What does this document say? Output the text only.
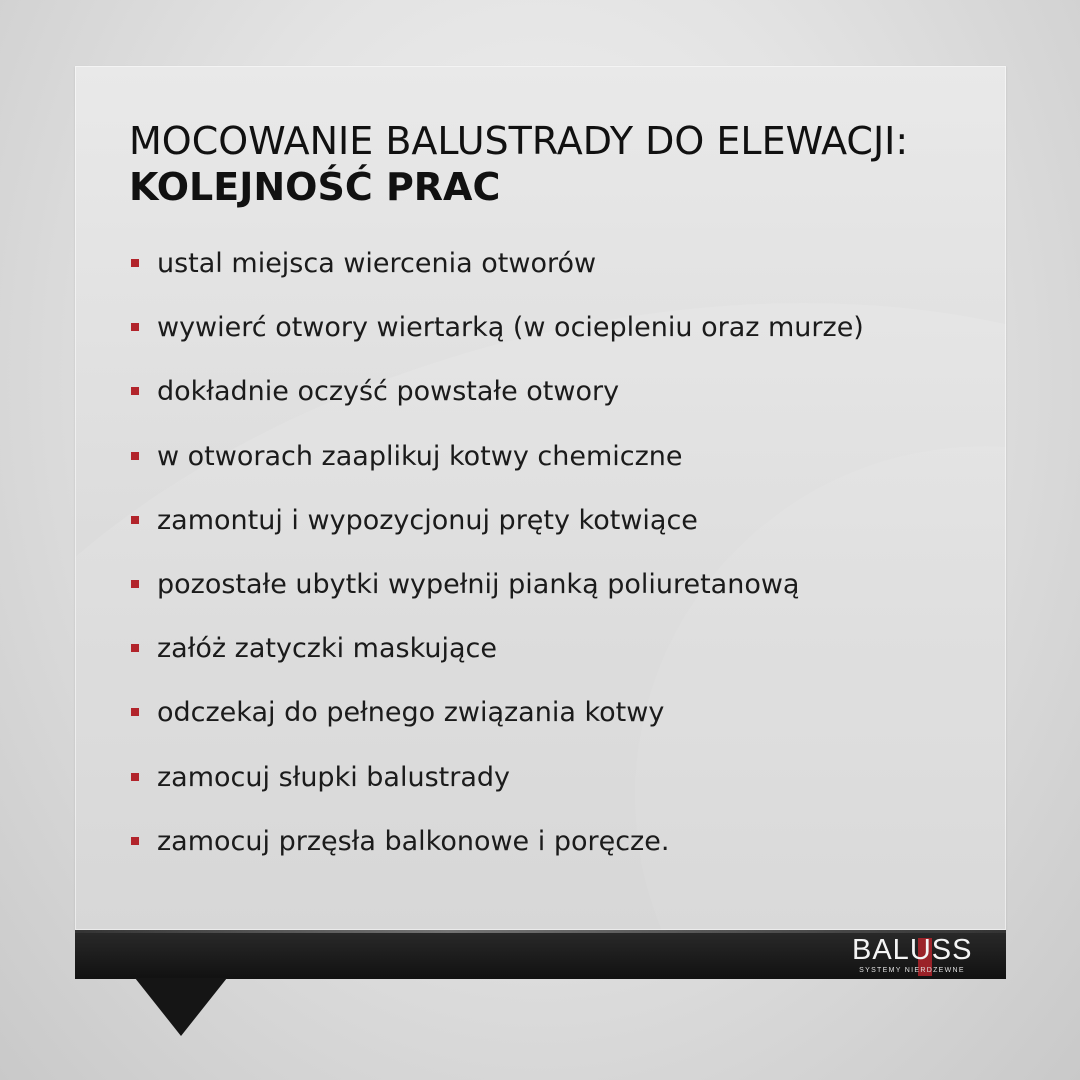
MOCOWANIE BALUSTRADY DO ELEWACJI:
KOLEJNOŚĆ PRAC
ustal miejsca wiercenia otworów
wywierć otwory wiertarką (w ociepleniu oraz murze)
dokładnie oczyść powstałe otwory
w otworach zaaplikuj kotwy chemiczne
zamontuj i wypozycjonuj pręty kotwiące
pozostałe ubytki wypełnij pianką poliuretanową
załóż zatyczki maskujące
odczekaj do pełnego związania kotwy
zamocuj słupki balustrady
zamocuj przęsła balkonowe i poręcze.
BALUSS
SYSTEMY NIERDZEWNE
